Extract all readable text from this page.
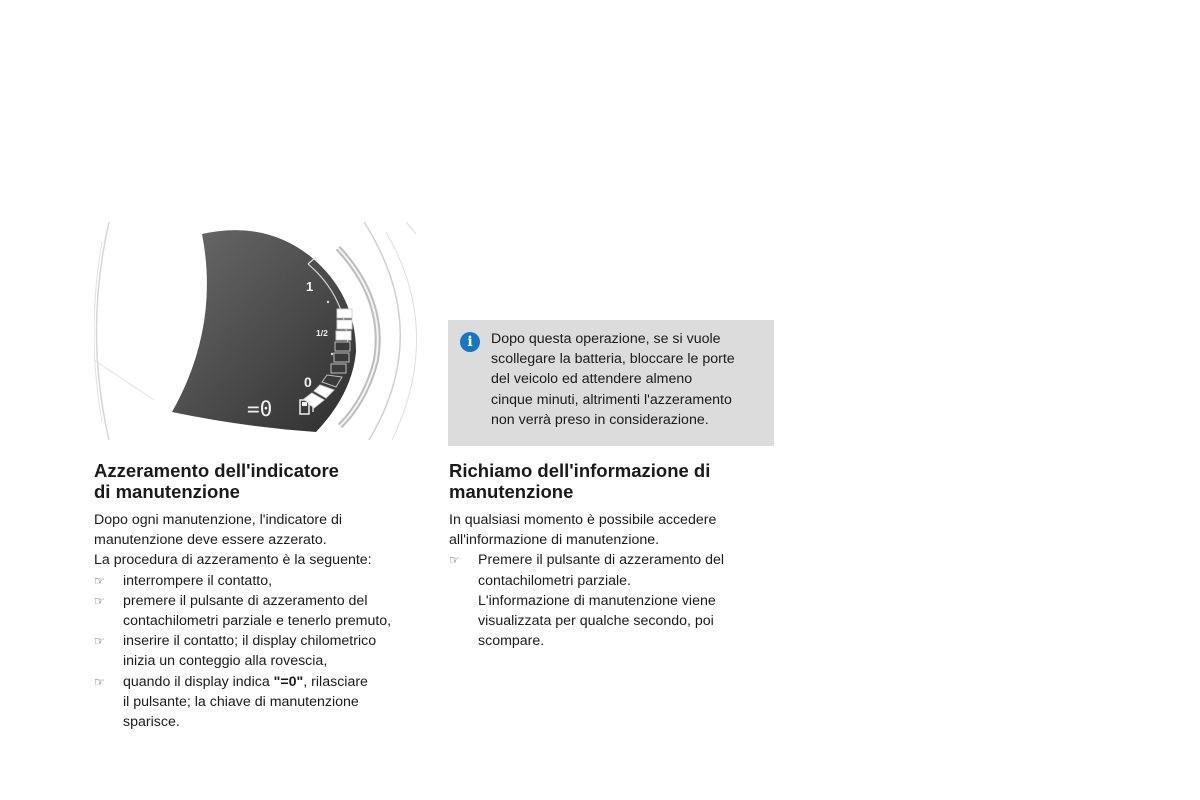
1
1/2
0
=0
i	Dopo questa operazione, se si vuole
scollegare la batteria, bloccare le porte
del veicolo ed attendere almeno
cinque minuti, altrimenti l'azzeramento
non verrà preso in considerazione.
Azzeramento dell'indicatore
di manutenzione
Richiamo dell'informazione di
manutenzione
Dopo ogni manutenzione, l'indicatore di
manutenzione deve essere azzerato.
La procedura di azzeramento è la seguente:
☞ interrompere il contatto,
☞ premere il pulsante di azzeramento del
contachilometri parziale e tenerlo premuto,
☞ inserire il contatto; il display chilometrico
inizia un conteggio alla rovescia,
☞ quando il display indica "=0", rilasciare
il pulsante; la chiave di manutenzione
sparisce.
In qualsiasi momento è possibile accedere
all'informazione di manutenzione.
☞ Premere il pulsante di azzeramento del
contachilometri parziale.
L'informazione di manutenzione viene
visualizzata per qualche secondo, poi
scompare.
